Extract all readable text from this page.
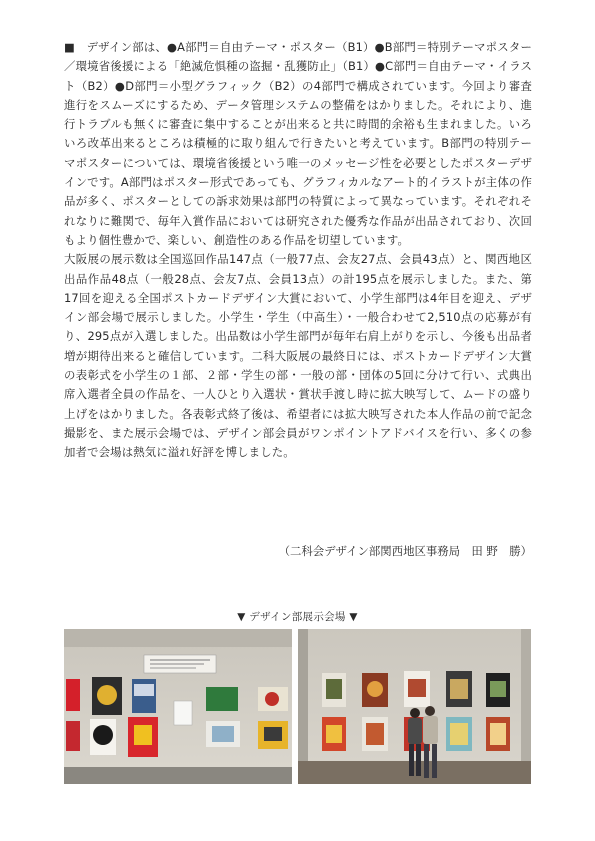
■　デザイン部は、●A部門＝自由テーマ・ポスター（B1）●B部門＝特別テーマポスター／環境省後援による「絶滅危惧種の盗掘・乱獲防止」（B1）●C部門＝自由テーマ・イラスト（B2）●D部門＝小型グラフィック（B2）の4部門で構成されています。今回より審査進行をスムーズにするため、データ管理システムの整備をはかりました。それにより、進行トラブルも無くに審査に集中することが出来ると共に時間的余裕も生まれました。いろいろ改革出来るところは積極的に取り組んで行きたいと考えています。B部門の特別テーマポスターについては、環境省後援という唯一のメッセージ性を必要としたポスターデザインです。A部門はポスター形式であっても、グラフィカルなアート的イラストが主体の作品が多く、ポスターとしての訴求効果は部門の特質によって異なっています。それぞれそれなりに難関で、毎年入賞作品においては研究された優秀な作品が出品されており、次回もより個性豊かで、楽しい、創造性のある作品を切望しています。

大阪展の展示数は全国巡回作品147点（一般77点、会友27点、会員43点）と、関西地区出品作品48点（一般28点、会友7点、会員13点）の計195点を展示しました。また、第17回を迎える全国ポストカードデザイン大賞において、小学生部門は4年目を迎え、デザイン部会場で展示しました。小学生・学生（中高生）・一般合わせて2,510点の応募が有り、295点が入選しました。出品数は小学生部門が毎年右肩上がりを示し、今後も出品者増が期待出来ると確信しています。二科大阪展の最終日には、ポストカードデザイン大賞の表彰式を小学生の１部、２部・学生の部・一般の部・団体の5回に分けて行い、式典出席入選者全員の作品を、一人ひとり入選状・賞状手渡し時に拡大映写して、ムードの盛り上げをはかりました。各表彰式終了後は、希望者には拡大映写された本人作品の前で記念撮影を、また展示会場では、デザイン部会員がワンポイントアドバイスを行い、多くの参加者で会場は熱気に溢れ好評を博しました。

（二科会デザイン部関西地区事務局　田 野　勝）
▼ デザイン部展示会場 ▼
